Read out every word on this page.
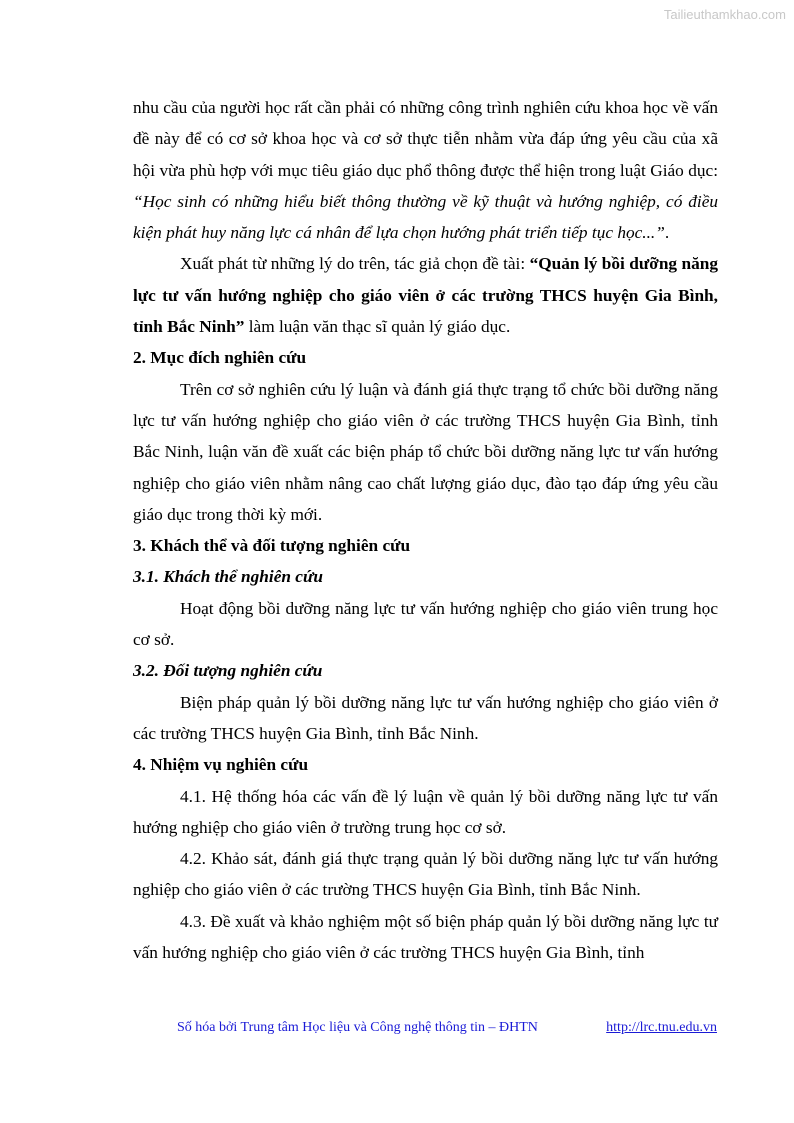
Tailieuthamkhao.com

nhu cầu của người học rất cần phải có những công trình nghiên cứu khoa học về vấn đề này để có cơ sở khoa học và cơ sở thực tiễn nhằm vừa đáp ứng yêu cầu của xã hội vừa phù hợp với mục tiêu giáo dục phổ thông được thể hiện trong luật Giáo dục: “Học sinh có những hiểu biết thông thường về kỹ thuật và hướng nghiệp, có điều kiện phát huy năng lực cá nhân để lựa chọn hướng phát triển tiếp tục học...”.

Xuất phát từ những lý do trên, tác giả chọn đề tài: “Quản lý bồi dưỡng năng lực tư vấn hướng nghiệp cho giáo viên ở các trường THCS huyện Gia Bình, tỉnh Bắc Ninh” làm luận văn thạc sĩ quản lý giáo dục.

2. Mục đích nghiên cứu

Trên cơ sở nghiên cứu lý luận và đánh giá thực trạng tổ chức bồi dưỡng năng lực tư vấn hướng nghiệp cho giáo viên ở các trường THCS huyện Gia Bình, tỉnh Bắc Ninh, luận văn đề xuất các biện pháp tổ chức bồi dưỡng năng lực tư vấn hướng nghiệp cho giáo viên nhằm nâng cao chất lượng giáo dục, đào tạo đáp ứng yêu cầu giáo dục trong thời kỳ mới.

3. Khách thể và đối tượng nghiên cứu

3.1. Khách thể nghiên cứu

Hoạt động bồi dưỡng năng lực tư vấn hướng nghiệp cho giáo viên trung học cơ sở.

3.2. Đối tượng nghiên cứu

Biện pháp quản lý bồi dưỡng năng lực tư vấn hướng nghiệp cho giáo viên ở các trường THCS huyện Gia Bình, tỉnh Bắc Ninh.

4. Nhiệm vụ nghiên cứu

4.1. Hệ thống hóa các vấn đề lý luận về quản lý bồi dưỡng năng lực tư vấn hướng nghiệp cho giáo viên ở trường trung học cơ sở.

4.2. Khảo sát, đánh giá thực trạng quản lý bồi dưỡng năng lực tư vấn hướng nghiệp cho giáo viên ở các trường THCS huyện Gia Bình, tỉnh Bắc Ninh.

4.3. Đề xuất và khảo nghiệm một số biện pháp quản lý bồi dưỡng năng lực tư vấn hướng nghiệp cho giáo viên ở các trường THCS huyện Gia Bình, tỉnh

Số hóa bởi Trung tâm Học liệu và Công nghệ thông tin – ĐHTN	http://lrc.tnu.edu.vn
